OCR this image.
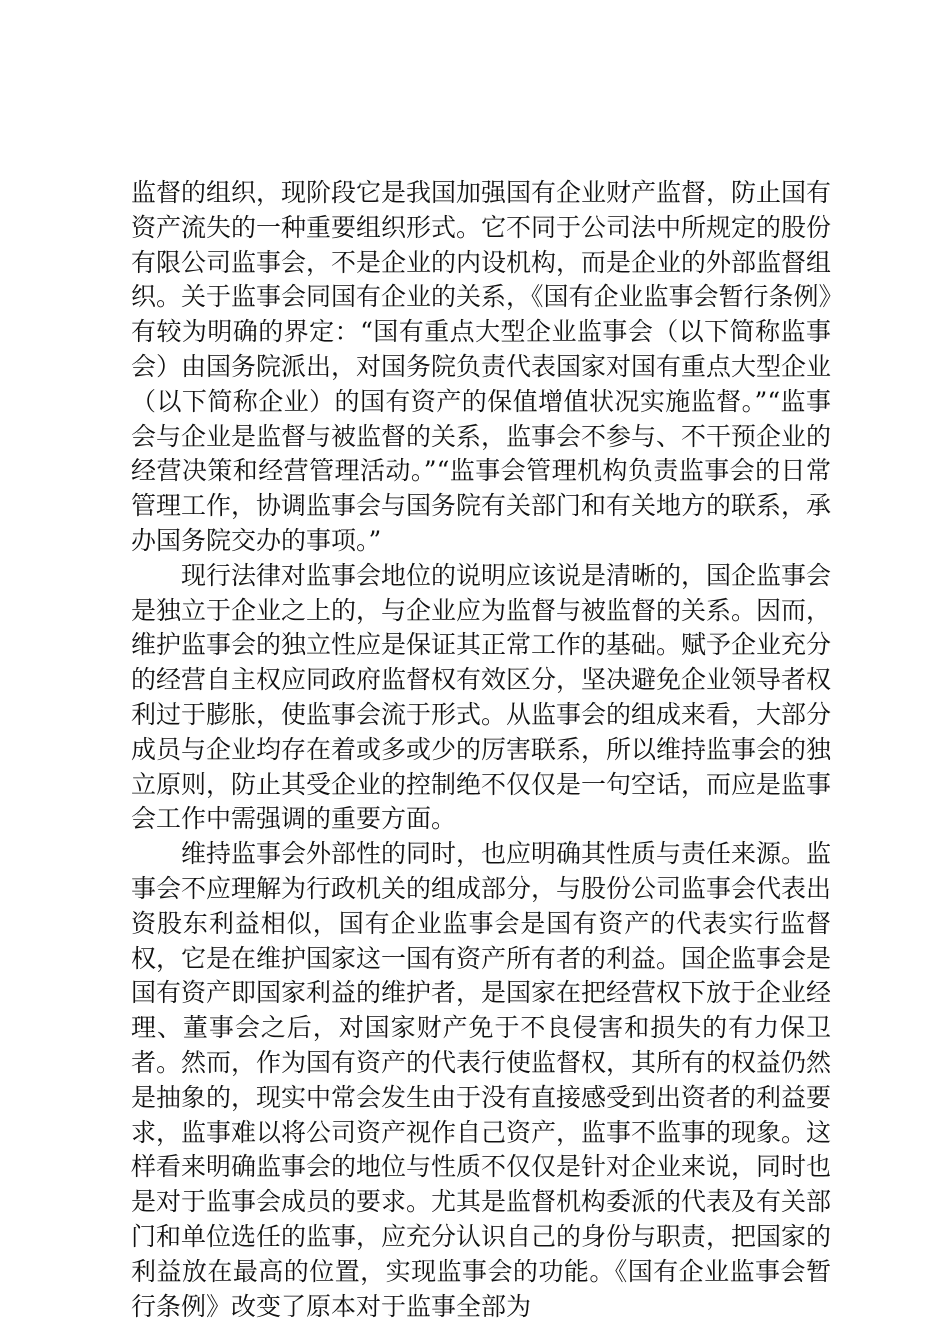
监督的组织，现阶段它是我国加强国有企业财产监督，防止国有资产流失的一种重要组织形式。它不同于公司法中所规定的股份有限公司监事会，不是企业的内设机构，而是企业的外部监督组织。关于监事会同国有企业的关系，《国有企业监事会暂行条例》有较为明确的界定：“国有重点大型企业监事会（以下简称监事会）由国务院派出，对国务院负责代表国家对国有重点大型企业（以下简称企业）的国有资产的保值增值状况实施监督。”“监事会与企业是监督与被监督的关系，监事会不参与、不干预企业的经营决策和经营管理活动。”“监事会管理机构负责监事会的日常管理工作，协调监事会与国务院有关部门和有关地方的联系，承办国务院交办的事项。”

现行法律对监事会地位的说明应该说是清晰的，国企监事会是独立于企业之上的，与企业应为监督与被监督的关系。因而，维护监事会的独立性应是保证其正常工作的基础。赋予企业充分的经营自主权应同政府监督权有效区分，坚决避免企业领导者权利过于膨胀，使监事会流于形式。从监事会的组成来看，大部分成员与企业均存在着或多或少的厉害联系，所以维持监事会的独立原则，防止其受企业的控制绝不仅仅是一句空话，而应是监事会工作中需强调的重要方面。

维持监事会外部性的同时，也应明确其性质与责任来源。监事会不应理解为行政机关的组成部分，与股份公司监事会代表出资股东利益相似，国有企业监事会是国有资产的代表实行监督权，它是在维护国家这一国有资产所有者的利益。国企监事会是国有资产即国家利益的维护者，是国家在把经营权下放于企业经理、董事会之后，对国家财产免于不良侵害和损失的有力保卫者。然而，作为国有资产的代表行使监督权，其所有的权益仍然是抽象的，现实中常会发生由于没有直接感受到出资者的利益要求，监事难以将公司资产视作自己资产，监事不监事的现象。这样看来明确监事会的地位与性质不仅仅是针对企业来说，同时也是对于监事会成员的要求。尤其是监督机构委派的代表及有关部门和单位选任的监事，应充分认识自己的身份与职责，把国家的利益放在最高的位置，实现监事会的功能。《国有企业监事会暂行条例》改变了原本对于监事全部为
